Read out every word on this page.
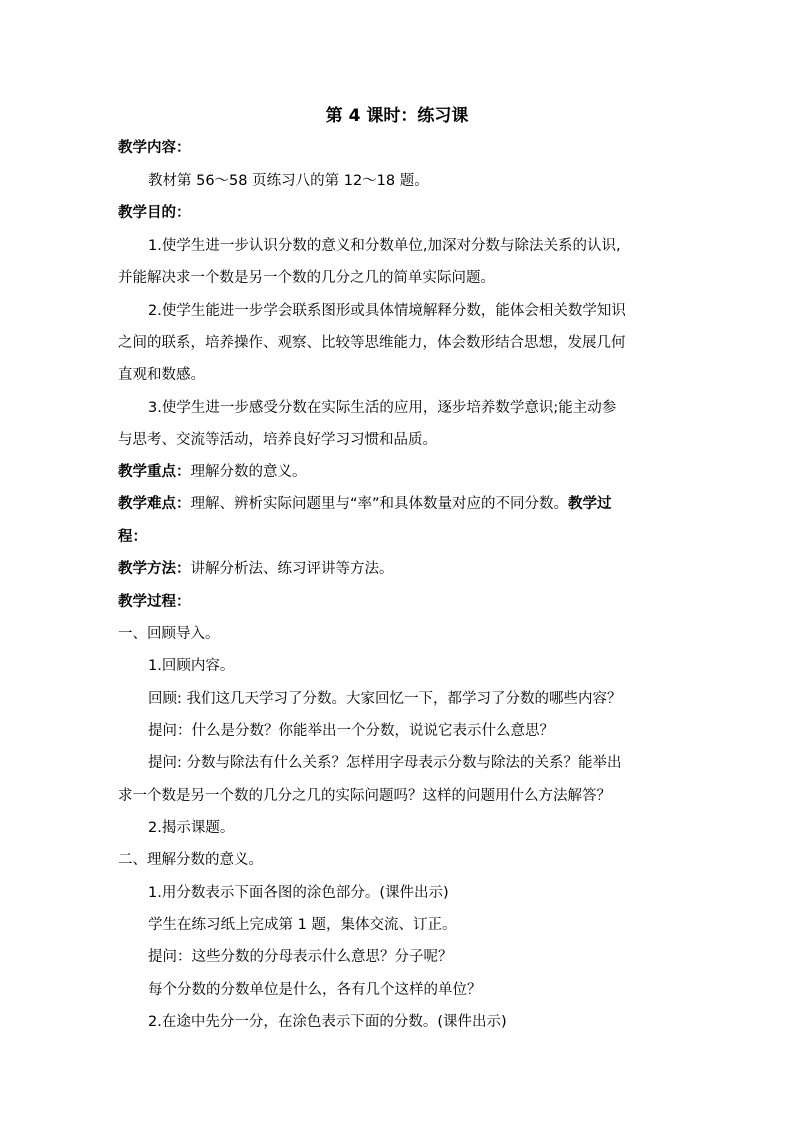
第 4 课时：练习课
教学内容：
教材第 56～58 页练习八的第 12～18 题。
教学目的：
1.使学生进一步认识分数的意义和分数单位,加深对分数与除法关系的认识,
并能解决求一个数是另一个数的几分之几的简单实际问题。
2.使学生能进一步学会联系图形或具体情境解释分数，能体会相关数学知识
之间的联系，培养操作、观察、比较等思维能力，体会数形结合思想，发展几何
直观和数感。
3.使学生进一步感受分数在实际生活的应用，逐步培养数学意识;能主动参
与思考、交流等活动，培养良好学习习惯和品质。
教学重点：理解分数的意义。
教学难点：理解、辨析实际问题里与“率”和具体数量对应的不同分数。教学过
程：
教学方法：讲解分析法、练习评讲等方法。
教学过程：
一、回顾导入。
1.回顾内容。
回顾: 我们这几天学习了分数。大家回忆一下，都学习了分数的哪些内容？
提问：什么是分数？你能举出一个分数，说说它表示什么意思？
提问: 分数与除法有什么关系？怎样用字母表示分数与除法的关系？能举出
求一个数是另一个数的几分之几的实际问题吗？这样的问题用什么方法解答？
2.揭示课题。
二、理解分数的意义。
1.用分数表示下面各图的涂色部分。(课件出示)
学生在练习纸上完成第 1 题，集体交流、订正。
提问：这些分数的分母表示什么意思？分子呢？
每个分数的分数单位是什么，各有几个这样的单位？
2.在途中先分一分，在涂色表示下面的分数。(课件出示)
